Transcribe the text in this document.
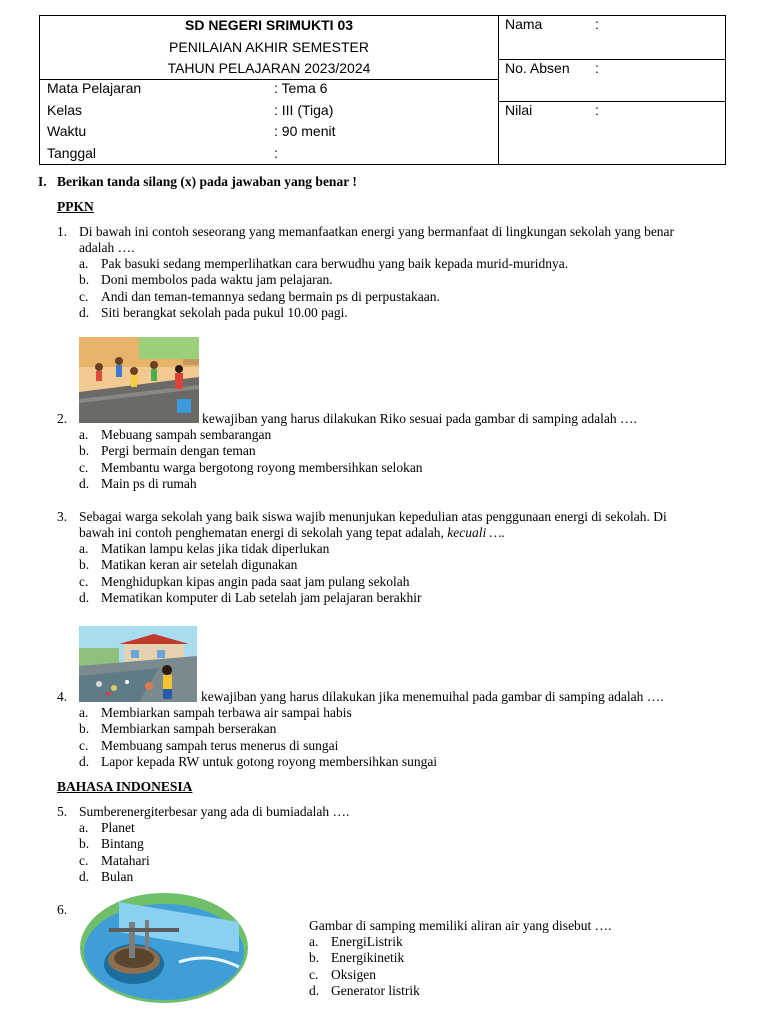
SD NEGERI SRIMUKTI 03
PENILAIAN AKHIR SEMESTER
TAHUN PELAJARAN 2023/2024
Mata Pelajaran	: Tema 6
Kelas	: III (Tiga)
Waktu	: 90 menit
Tanggal	:
Nama	:
No. Absen :
Nilai	:
I. Berikan tanda silang (x) pada jawaban yang benar !
PPKN
1. Di bawah ini contoh seseorang yang memanfaatkan energi yang bermanfaat di lingkungan sekolah yang benar
adalah ….
a. Pak basuki sedang memperlihatkan cara berwudhu yang baik kepada murid-muridnya.
b. Doni membolos pada waktu jam pelajaran.
c. Andi dan teman-temannya sedang bermain ps di perpustakaan.
d. Siti berangkat sekolah pada pukul 10.00 pagi.
2.	kewajiban yang harus dilakukan Riko sesuai pada gambar di samping adalah ….
a. Mebuang sampah sembarangan
b. Pergi bermain dengan teman
c. Membantu warga bergotong royong membersihkan selokan
d. Main ps di rumah
3. Sebagai warga sekolah yang baik siswa wajib menunjukan kepedulian atas penggunaan energi di sekolah. Di
bawah ini contoh penghematan energi di sekolah yang tepat adalah, kecuali ….
a. Matikan lampu kelas jika tidak diperlukan
b. Matikan keran air setelah digunakan
c. Menghidupkan kipas angin pada saat jam pulang sekolah
d. Mematikan komputer di Lab setelah jam pelajaran berakhir
4.	kewajiban yang harus dilakukan jika menemuihal pada gambar di samping adalah ….
a. Membiarkan sampah terbawa air sampai habis
b. Membiarkan sampah berserakan
c. Membuang sampah terus menerus di sungai
d. Lapor kepada RW untuk gotong royong membersihkan sungai
BAHASA INDONESIA
5. Sumberenergiterbesar yang ada di bumiadalah ….
a. Planet
b. Bintang
c. Matahari
d. Bulan
6.
Gambar di samping memiliki aliran air yang disebut ….
a. EnergiListrik
b. Energikinetik
c. Oksigen
d. Generator listrik
